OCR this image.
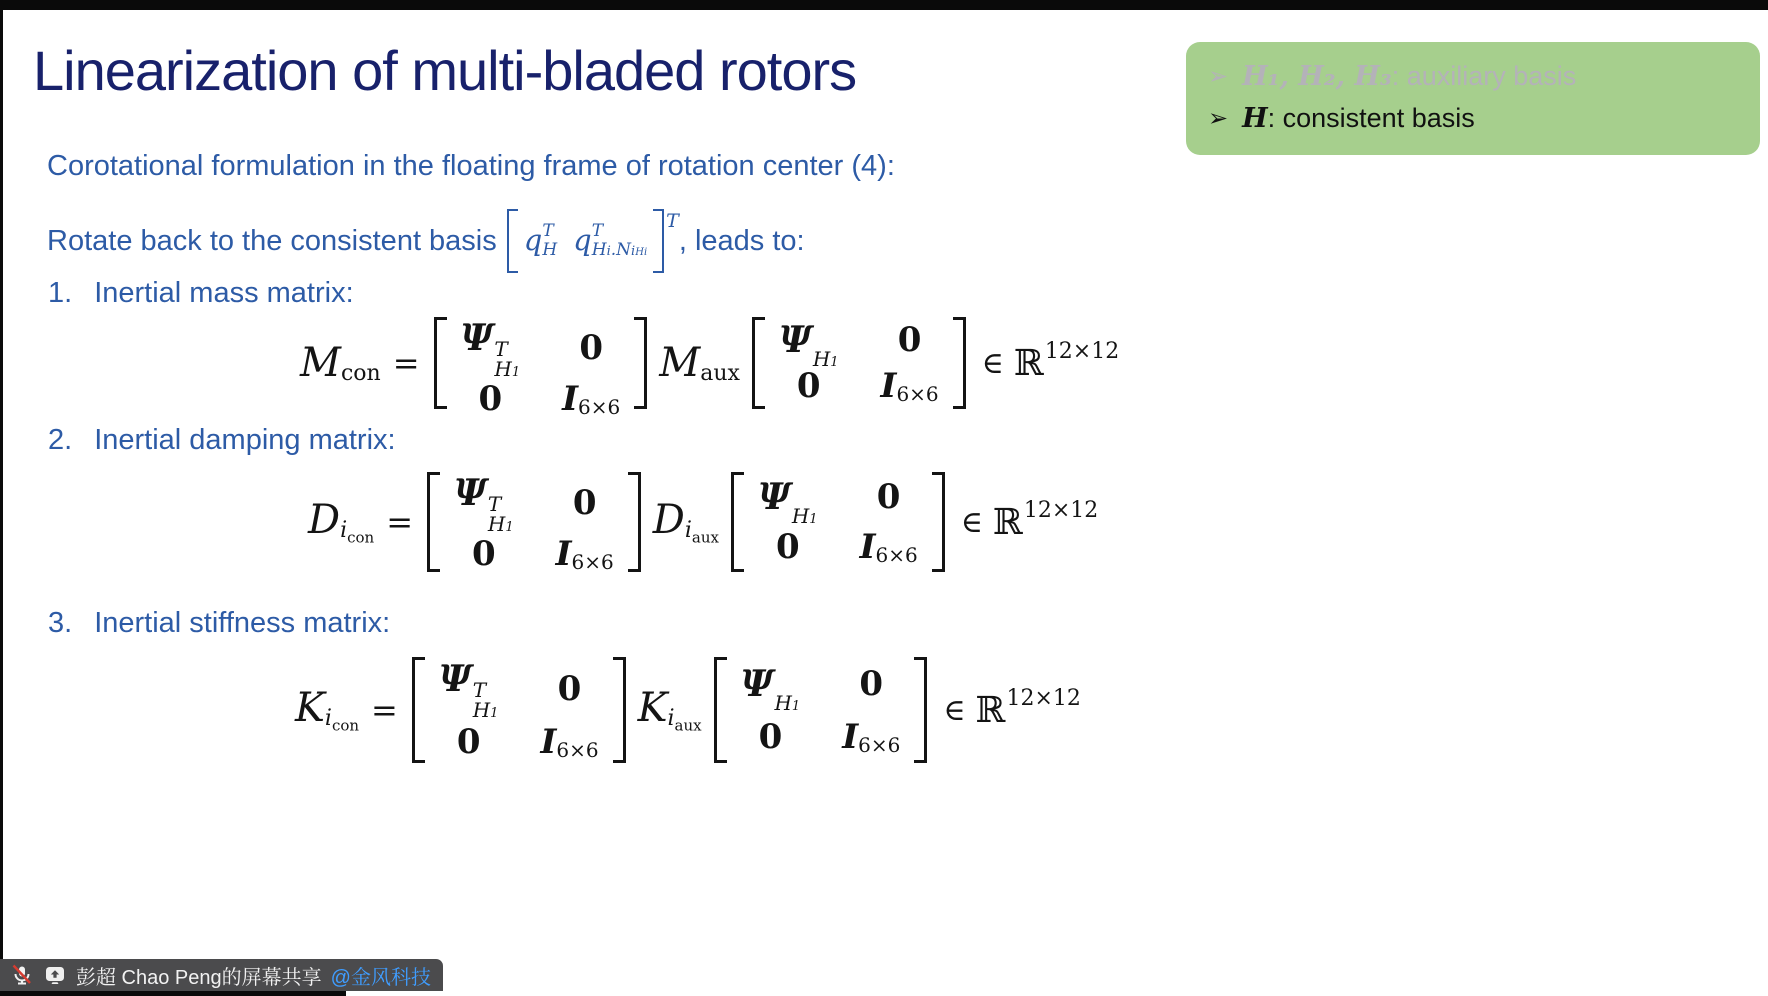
Linearization of multi-bladed rotors	➢ H₁, H₂, H₃: auxiliary basis
➢ H: consistent basis
Corotational formulation in the floating frame of rotation center (4):
Rotate back to the consistent basis q T
H q T
Hi.NiHi
T
, leads to:
1. Inertial mass matrix:
$M_{con}$ =
Ψ T
H1
0
0 $I_{6\times 6}$
$M_{aux}$
Ψ H1
0
0 $I_{6\times 6}$
∈ ℝ 12×12
2. Inertial damping matrix:
$D_{i_{con}}$ =
Ψ T
H1
0
0 $I_{6\times 6}$
$D_{i_{aux}}$
Ψ H1
0
0 $I_{6\times 6}$
∈ ℝ 12×12
3. Inertial stiffness matrix:
$K_{i_{con}}$ =
Ψ T
H1
0
0 $I_{6\times 6}$
$K_{i_{aux}}$
Ψ H1
0
0 $I_{6\times 6}$
∈ ℝ 12×12
彭超 Chao Peng的屏幕共享 @金风科技
